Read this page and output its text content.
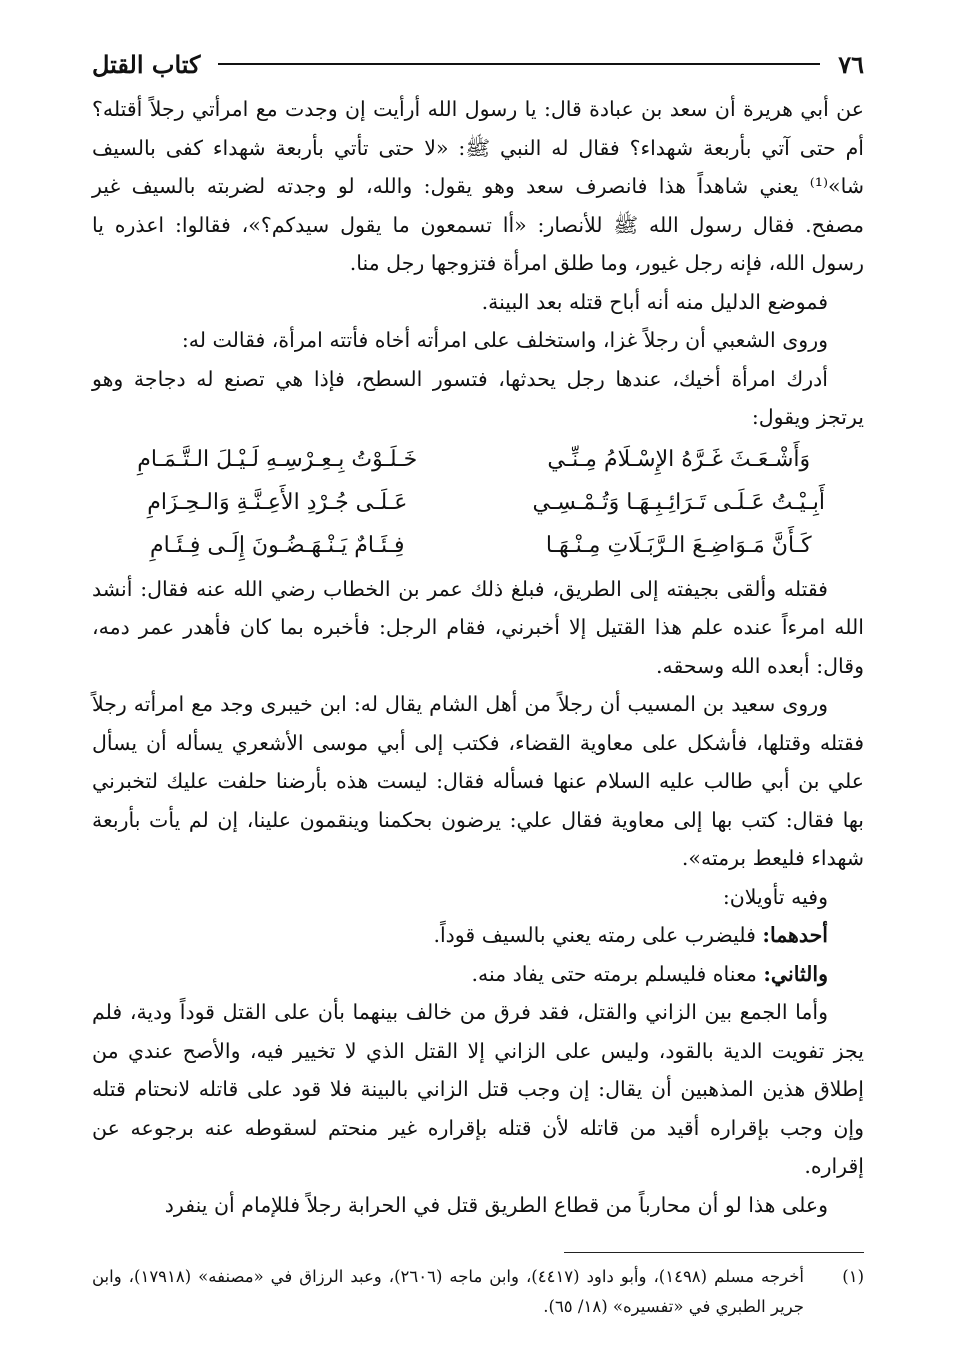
٧٦
كتاب القتل

عن أبي هريرة أن سعد بن عبادة قال: يا رسول الله أرأيت إن وجدت مع امرأتي رجلاً أقتله؟ أم حتى آتي بأربعة شهداء؟ فقال له النبي ﷺ: «لا حتى تأتي بأربعة شهداء كفى بالسيف شا»⁽¹⁾ يعني شاهداً هذا فانصرف سعد وهو يقول: والله، لو وجدته لضربته بالسيف غير مصفح. فقال رسول الله ﷺ للأنصار: «أا تسمعون ما يقول سيدكم؟»، فقالوا: اعذره يا رسول الله، فإنه رجل غيور، وما طلق امرأة فتزوجها رجل منا.

فموضع الدليل منه أنه أباح قتله بعد البينة.

وروى الشعبي أن رجلاً غزا، واستخلف على امرأته أخاه فأتته امرأة، فقالت له:

أدرك امرأة أخيك، عندها رجل يحدثها، فتسور السطح، فإذا هي تصنع له دجاجة وهو يرتجز ويقول:

وَأَشْـعَـثَ غَـرَّهُ الإِسْـلَامُ مِـنِّـي
خَـلَـوْتُ بِـعِـرْسِـهِ لَـيْـلَ الـتَّـمَـامِ
أَبِـيْـتُ عَـلَـى تَـرَائِـبِـهَـا وَتُـمْـسِـي
عَـلَـى جُـرْدِ الأَعِـنَّـةِ وَالـحِـزَامِ
كَـأَنَّ مَـوَاضِـعَ الـرَّبَـلَاتِ مِـنْـهَـا
فِـئَـامٌ يَـنْـهَـضُـونَ إِلَـى فِـئَـامِ

فقتله وألقى بجيفته إلى الطريق، فبلغ ذلك عمر بن الخطاب رضي الله عنه فقال: أنشد الله امرءاً عنده علم هذا القتيل إلا أخبرني، فقام الرجل: فأخبره بما كان فأهدر عمر دمه، وقال: أبعده الله وسحقه.

وروى سعيد بن المسيب أن رجلاً من أهل الشام يقال له: ابن خيبرى وجد مع امرأته رجلاً فقتله وقتلها، فأشكل على معاوية القضاء، فكتب إلى أبي موسى الأشعري يسأله أن يسأل علي بن أبي طالب عليه السلام عنها فسأله فقال: ليست هذه بأرضنا حلفت عليك لتخبرني بها فقال: كتب بها إلى معاوية فقال علي: يرضون بحكمنا وينقمون علينا، إن لم يأت بأربعة شهداء فليعط برمته».

وفيه تأويلان:

أحدهما: فليضرب على رمته يعني بالسيف قوداً.

والثاني: معناه فليسلم برمته حتى يفاد منه.

وأما الجمع بين الزاني والقتل، فقد فرق من خالف بينهما بأن على القتل قوداً ودية، فلم يجز تفويت الدية بالقود، وليس على الزاني إلا القتل الذي لا تخيير فيه، والأصح عندي من إطلاق هذين المذهبين أن يقال: إن وجب قتل الزاني بالبينة فلا قود على قاتله لانحتام قتله وإن وجب بإقراره أقيد من قاتله لأن قتله بإقراره غير منحتم لسقوطه عنه برجوعه عن إقراره.

وعلى هذا لو أن محارباً من قطاع الطريق قتل في الحرابة رجلاً فللإمام أن ينفرد

(١)
أخرجه مسلم (١٤٩٨)، وأبو داود (٤٤١٧)، وابن ماجه (٢٦٠٦)، وعبد الرزاق في «مصنفه» (١٧٩١٨)، وابن جرير الطبري في «تفسيره» (١٨/ ٦٥).
